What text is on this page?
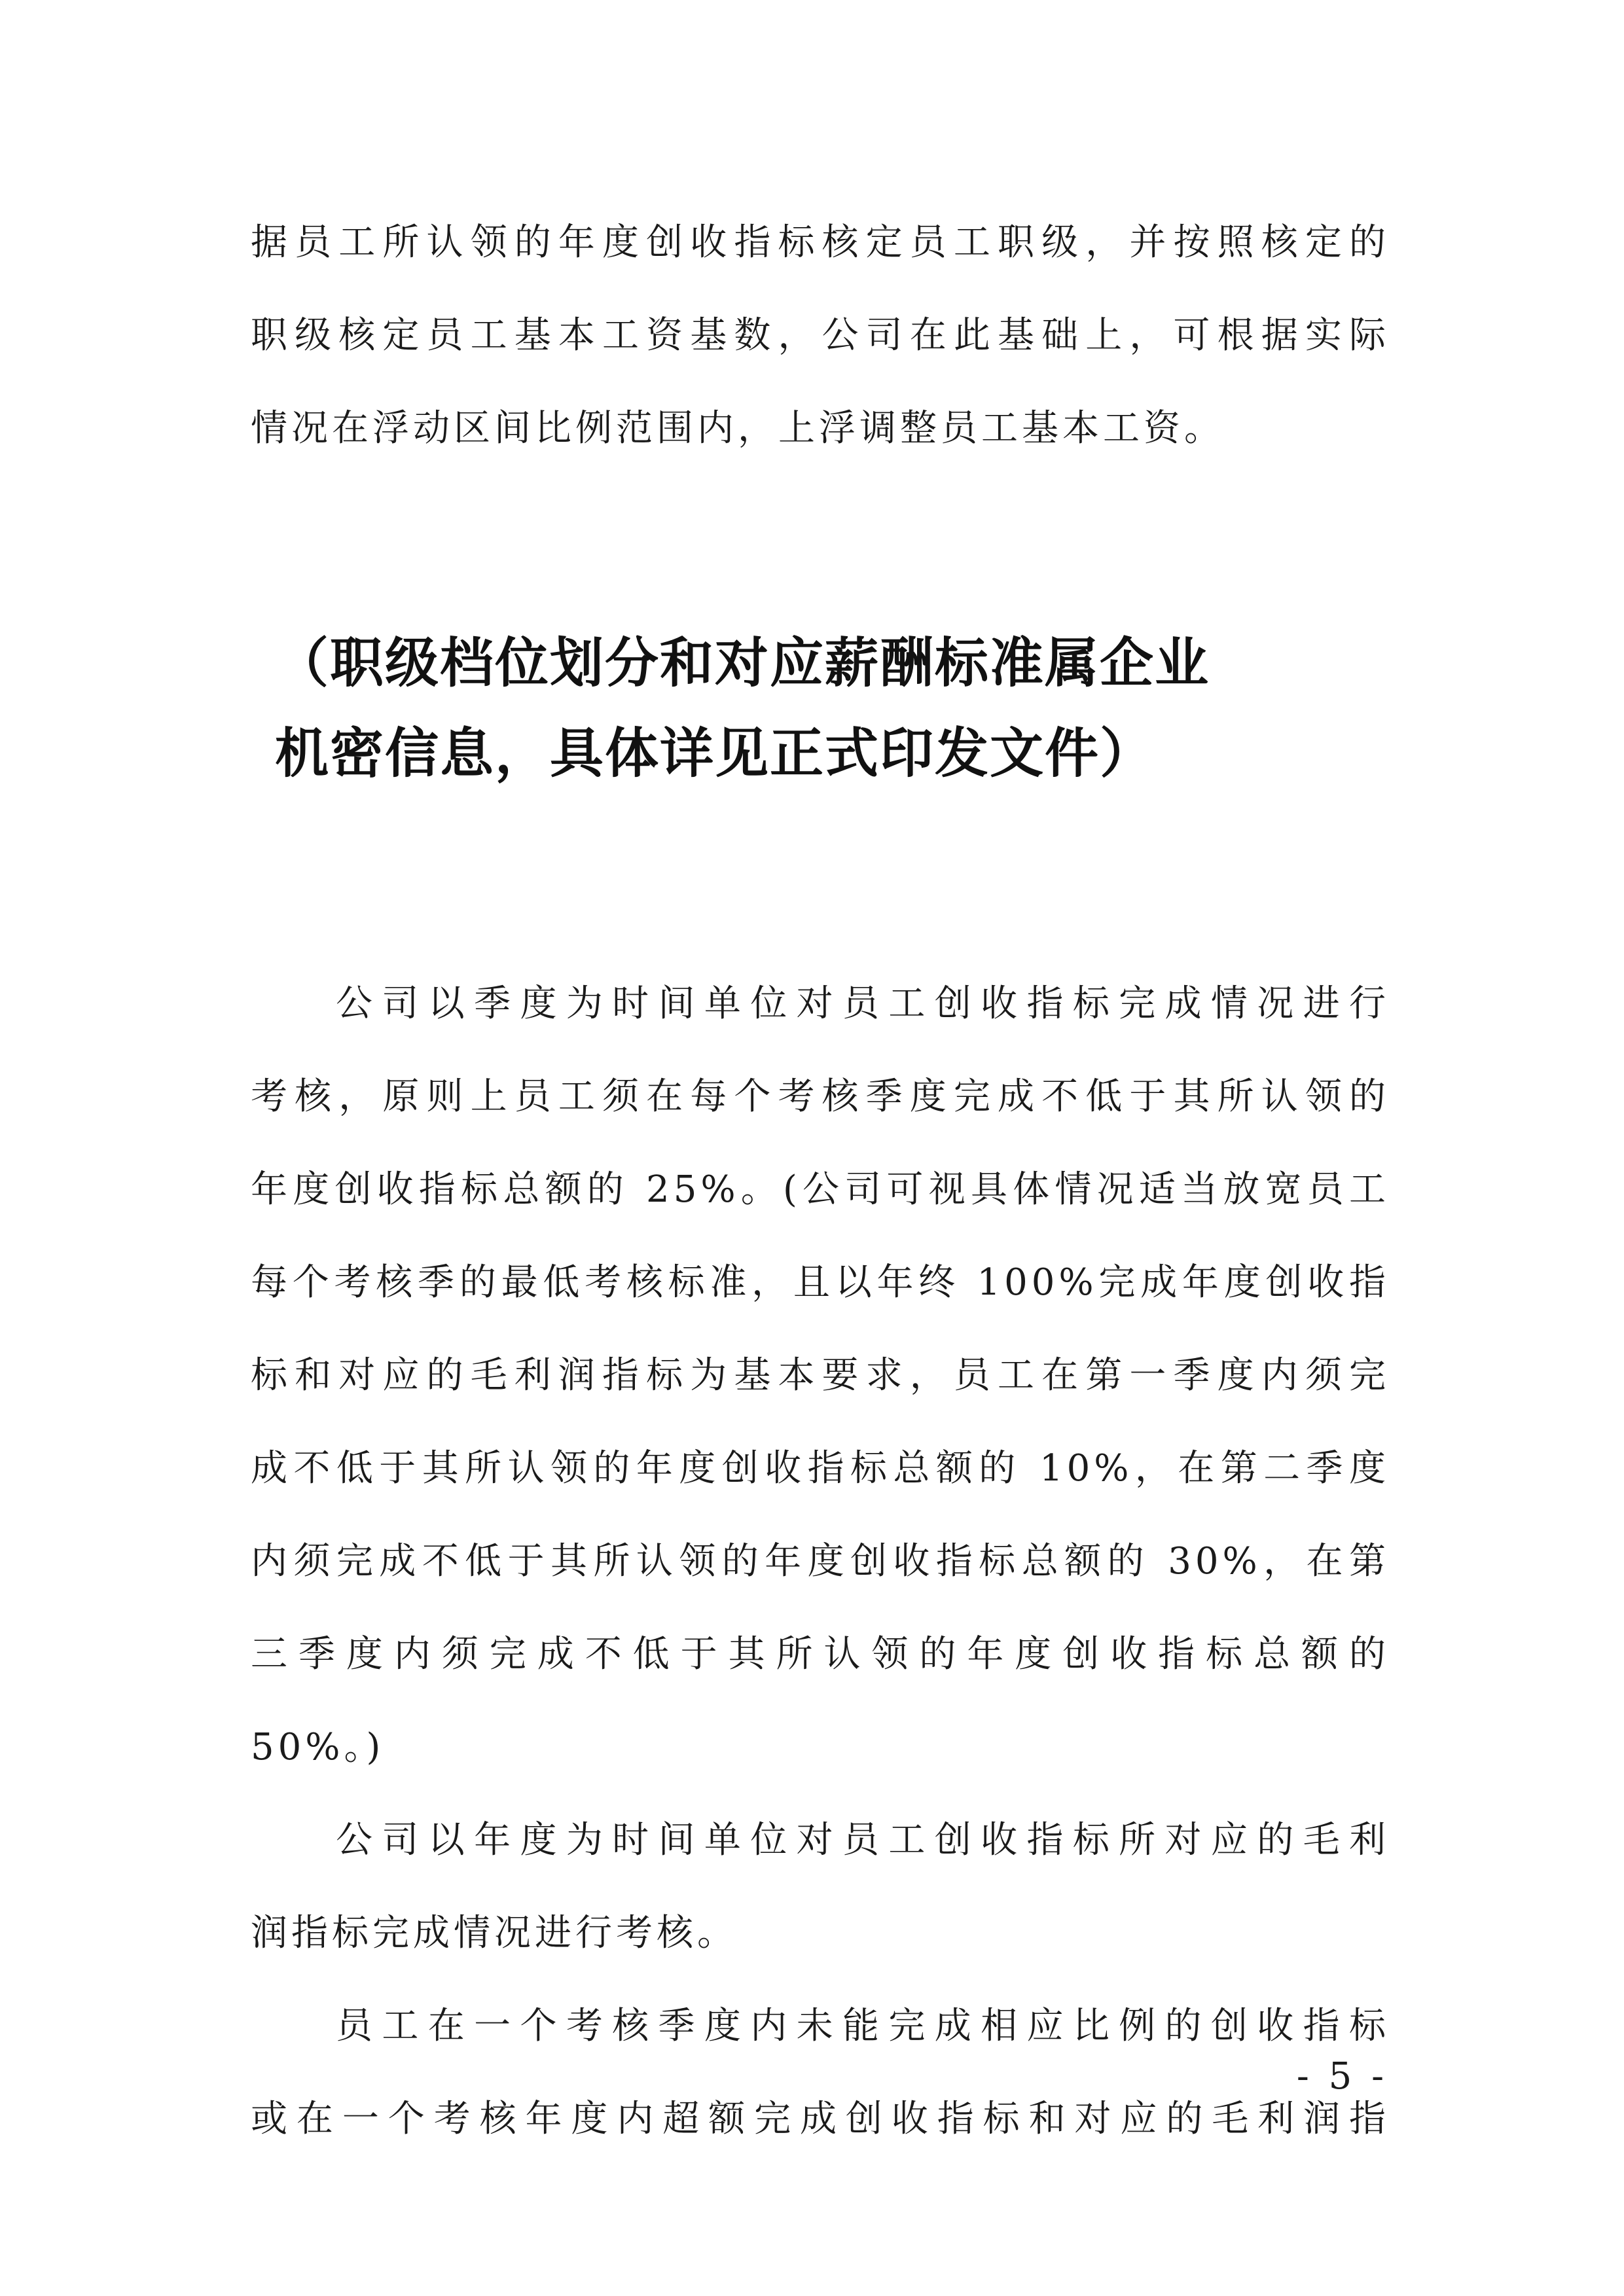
据员工所认领的年度创收指标核定员工职级，并按照核定的
职级核定员工基本工资基数，公司在此基础上，可根据实际
情况在浮动区间比例范围内，上浮调整员工基本工资。
（职级档位划分和对应薪酬标准属企业
机密信息，具体详见正式印发文件）
公司以季度为时间单位对员工创收指标完成情况进行
考核，原则上员工须在每个考核季度完成不低于其所认领的
年度创收指标总额的 25%。(公司可视具体情况适当放宽员工
每个考核季的最低考核标准，且以年终 100%完成年度创收指
标和对应的毛利润指标为基本要求，员工在第一季度内须完
成不低于其所认领的年度创收指标总额的 10%，在第二季度
内须完成不低于其所认领的年度创收指标总额的 30%，在第
三季度内须完成不低于其所认领的年度创收指标总额的
50%。)
公司以年度为时间单位对员工创收指标所对应的毛利
润指标完成情况进行考核。
员工在一个考核季度内未能完成相应比例的创收指标
或在一个考核年度内超额完成创收指标和对应的毛利润指
- 5 -
